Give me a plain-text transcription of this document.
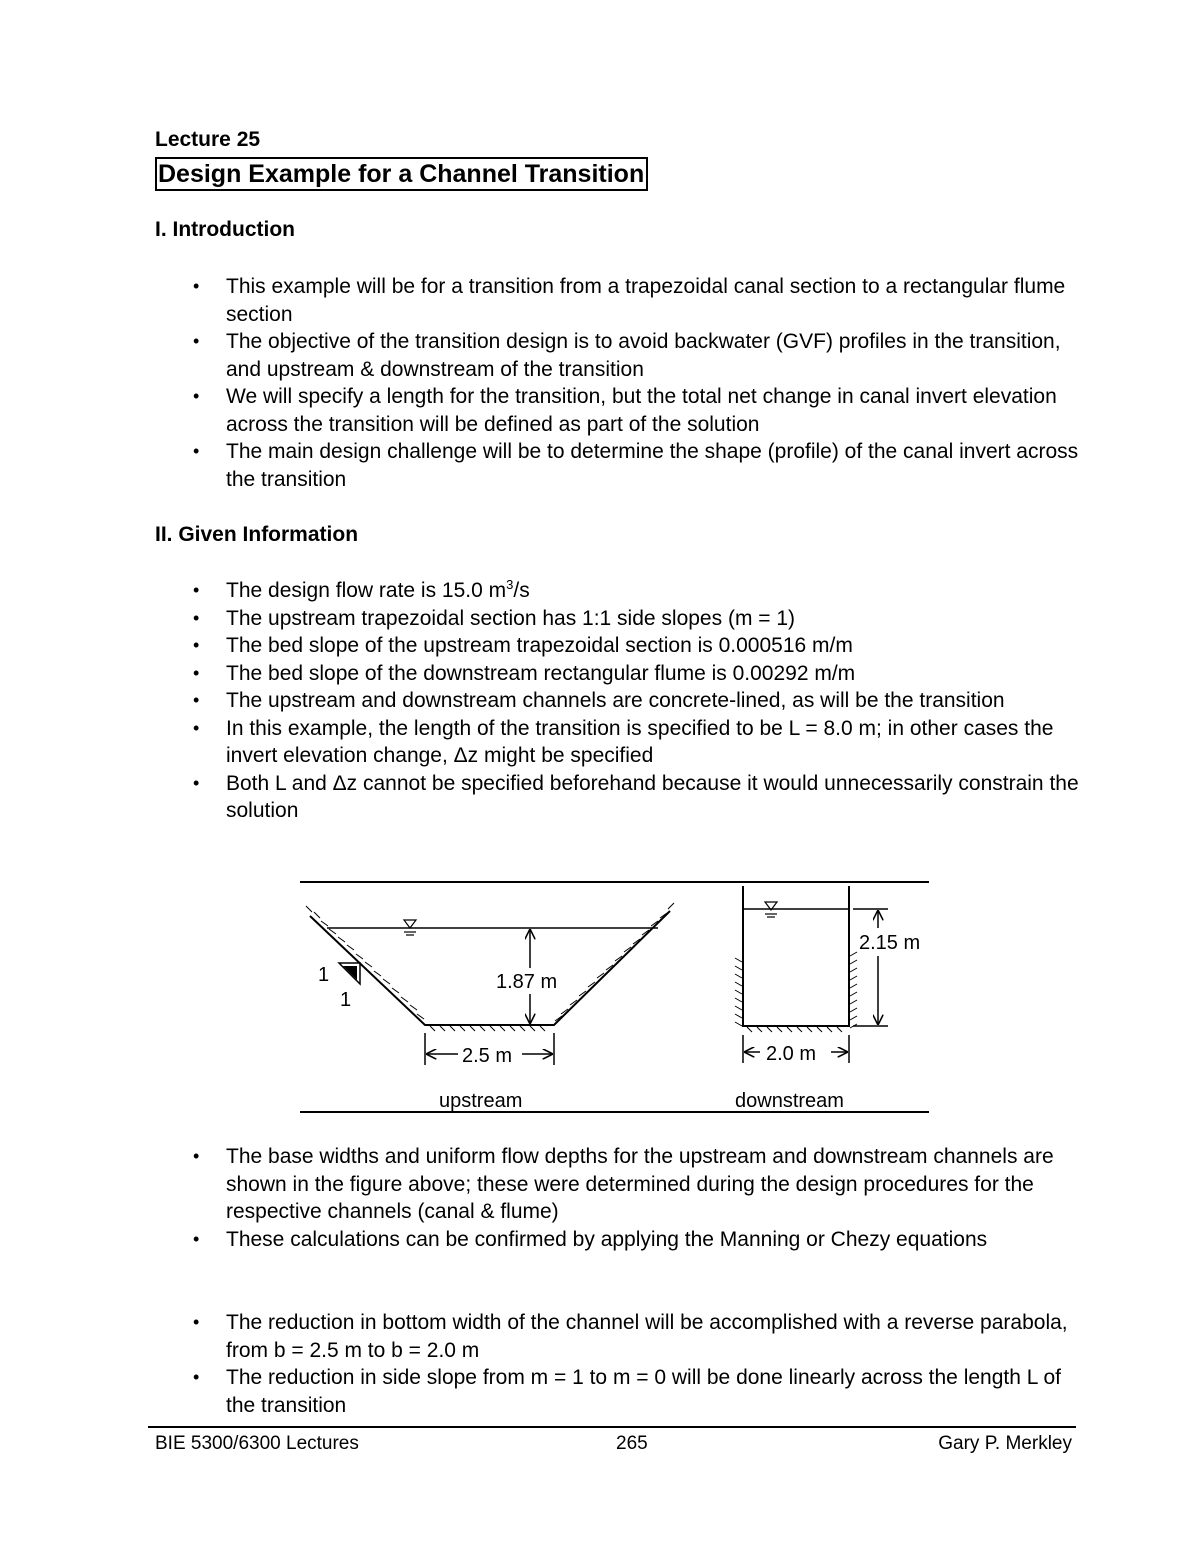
Lecture 25
Design Example for a Channel Transition
I. Introduction
• This example will be for a transition from a trapezoidal canal section to a rectangular flume section
• The objective of the transition design is to avoid backwater (GVF) profiles in the transition, and upstream & downstream of the transition
• We will specify a length for the transition, but the total net change in canal invert elevation across the transition will be defined as part of the solution
• The main design challenge will be to determine the shape (profile) of the canal invert across the transition
II. Given Information
• The design flow rate is 15.0 $m^3/s$
• The upstream trapezoidal section has 1:1 side slopes (m = 1)
• The bed slope of the upstream trapezoidal section is 0.000516 m/m
• The bed slope of the downstream rectangular flume is 0.00292 m/m
• The upstream and downstream channels are concrete-lined, as will be the transition
• In this example, the length of the transition is specified to be L = 8.0 m; in other cases the invert elevation change, Δz might be specified
• Both L and Δz cannot be specified beforehand because it would unnecessarily constrain the solution
1
1
1.87 m
2.5 m
upstream
2.15 m
2.0 m
downstream
• The base widths and uniform flow depths for the upstream and downstream channels are shown in the figure above; these were determined during the design procedures for the respective channels (canal & flume)
• These calculations can be confirmed by applying the Manning or Chezy equations
• The reduction in bottom width of the channel will be accomplished with a reverse parabola, from b = 2.5 m to b = 2.0 m
• The reduction in side slope from m = 1 to m = 0 will be done linearly across the length L of the transition
BIE 5300/6300 Lectures	265	Gary P. Merkley
